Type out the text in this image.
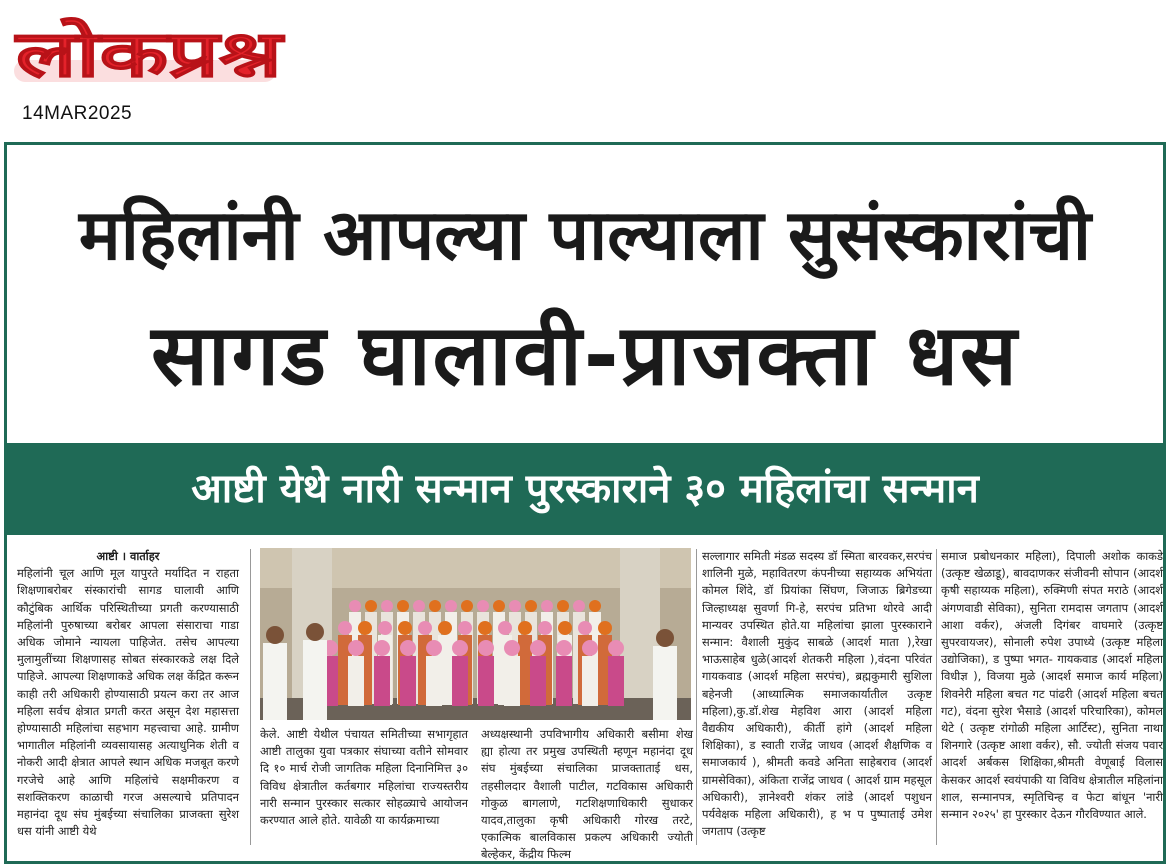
लोकप्रश्न
14MAR2025
महिलांनी आपल्या पाल्याला सुसंस्कारांची
सागड घालावी-प्राजक्ता धस
आष्टी येथे नारी सन्मान पुरस्काराने ३० महिलांचा सन्मान

आष्टी । वार्ताहर

महिलांनी चूल आणि मूल यापुरते मर्यादित न राहता शिक्षणाबरोबर संस्कारांची सागड घालावी आणि कौटुंबिक आर्थिक परिस्थितीच्या प्रगती करण्यासाठी महिलांनी पुरुषाच्या बरोबर आपला संसाराचा गाडा अधिक जोमाने न्यायला पाहिजेत. तसेच आपल्या मुलामुलींच्या शिक्षणासह सोबत संस्कारकडे लक्ष दिले पाहिजे. आपल्या शिक्षणाकडे अधिक लक्ष केंद्रित करून काही तरी अधिकारी होण्यासाठी प्रयत्न करा तर आज महिला सर्वच क्षेत्रात प्रगती करत असून देश महासत्ता होण्यासाठी महिलांचा सहभाग महत्त्वाचा आहे. ग्रामीण भागातील महिलांनी व्यवसायासह अत्याधुनिक शेती व नोकरी आदी क्षेत्रात आपले स्थान अधिक मजबूत करणे गरजेचे आहे आणि महिलांचे सक्षमीकरण व सशक्तिकरण काळाची गरज असल्याचे प्रतिपादन महानंदा दूध संघ मुंबईच्या संचालिका प्राजक्ता सुरेश धस यांनी आष्टी येथे

केले. आष्टी येथील पंचायत समितीच्या सभागृहात आष्टी तालुका युवा पत्रकार संघाच्या वतीने सोमवार दि १० मार्च रोजी जागतिक महिला दिनानिमित्त ३० विविध क्षेत्रातील कर्तबगार महिलांचा राज्यस्तरीय नारी सन्मान पुरस्कार सत्कार सोहळ्याचे आयोजन करण्यात आले होते. यावेळी या कार्यक्रमाच्या

अध्यक्षस्थानी उपविभागीय अधिकारी बसीमा शेख ह्या होत्या तर प्रमुख उपस्थिती म्हणून महानंदा दूध संघ मुंबईच्या संचालिका प्राजक्ताताई धस, तहसीलदार वैशाली पाटील, गटविकास अधिकारी गोकुळ बागलाणे, गटशिक्षणाधिकारी सुधाकर यादव,तालुका कृषी अधिकारी गोरख तरटे, एकात्मिक बालविकास प्रकल्प अधिकारी ज्योती बेल्हेकर, केंद्रीय फिल्म

सल्लागार समिती मंडळ सदस्य डॉ स्मिता बारवकर,सरपंच शालिनी मुळे, महावितरण कंपनीच्या सहाय्यक अभियंता कोमल शिंदे, डॉ प्रियांका सिंघण, जिजाऊ ब्रिगेडच्या जिल्हाध्यक्ष सुवर्णा गि-हे, सरपंच प्रतिभा थोरवे आदी मान्यवर उपस्थित होते.या महिलांचा झाला पुरस्काराने सन्मान: वैशाली मुकुंद साबळे (आदर्श माता ),रेखा भाऊसाहेब धुळे(आदर्श शेतकरी महिला ),वंदना परिवंत गायकवाड (आदर्श महिला सरपंच), ब्रह्मकुमारी सुशिला बहेनजी (आध्यात्मिक समाजकार्यातील उत्कृष्ट महिला),कु.डॉ.शेख मेहविश आरा (आदर्श महिला वैद्यकीय अधिकारी), कीर्ती हांगे (आदर्श महिला शिक्षिका), ड स्वाती राजेंद्र जाधव (आदर्श शैक्षणिक व समाजकार्य ), श्रीमती कवडे अनिता साहेबराव (आदर्श ग्रामसेविका), अंकिता राजेंद्र जाधव ( आदर्श ग्राम महसूल अधिकारी), ज्ञानेश्वरी शंकर लांडे (आदर्श पशुधन पर्यवेक्षक महिला अधिकारी), ह भ प पुष्पाताई उमेश जगताप (उत्कृष्ट

समाज प्रबोधनकार महिला), दिपाली अशोक काकडे (उत्कृष्ट खेळाडू), बावदाणकर संजीवनी सोपान (आदर्श कृषी सहाय्यक महिला), रुक्मिणी संपत मराठे (आदर्श अंगणवाडी सेविका), सुनिता रामदास जगताप (आदर्श आशा वर्कर), अंजली दिगंबर वाघमारे (उत्कृष्ट सुपरवायजर), सोनाली रुपेश उपाध्ये (उत्कृष्ट महिला उद्योजिका), ड पुष्पा भगत- गायकवाड (आदर्श महिला विधीज्ञ ), विजया मुळे (आदर्श समाज कार्य महिला) शिवनेरी महिला बचत गट पांढरी (आदर्श महिला बचत गट), वंदना सुरेश भैसाडे (आदर्श परिचारिका), कोमल थेटे ( उत्कृष्ट रांगोळी महिला आर्टिस्ट), सुनिता नाथा शिनगारे (उत्कृष्ट आशा वर्कर), सौ. ज्योती संजय पवार आदर्श अर्बकस शिक्षिका,श्रीमती वेणूबाई विलास केसकर आदर्श स्वयंपाकी या विविध क्षेत्रातील महिलांना शाल, सन्मानपत्र, स्मृतिचिन्ह व फेटा बांधून 'नारी सन्मान २०२५' हा पुरस्कार देऊन गौरविण्यात आले.
